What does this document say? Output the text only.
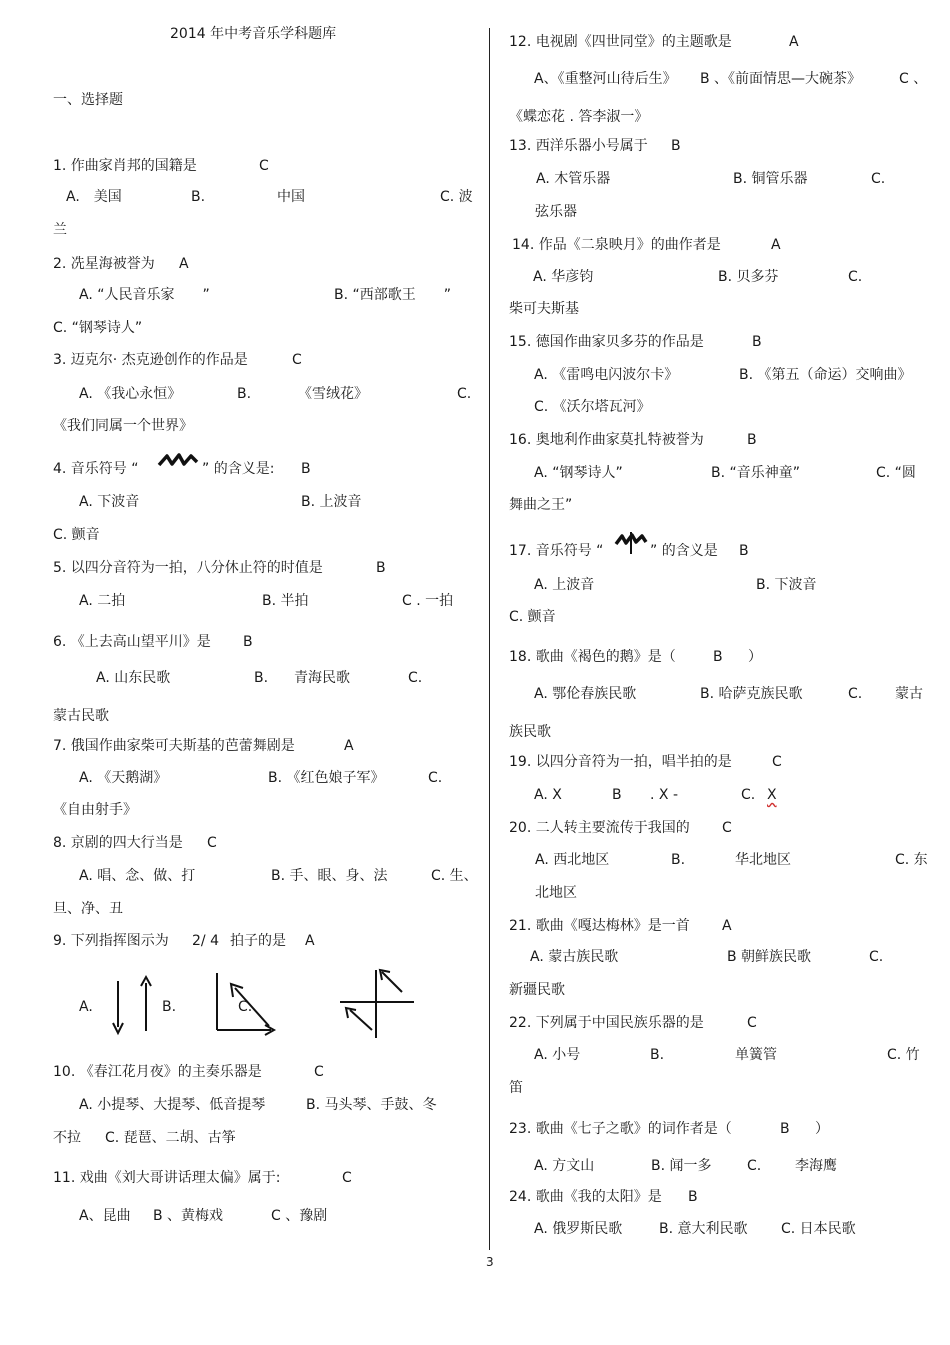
2014 年中考音乐学科题库
一、选择题
1. 作曲家肖邦的国籍是	C
A.　美国	B.	中国	C. 波
兰
2. 冼星海被誉为 A
A. “人民音乐家　　”	B. “西部歌王　　”
C. “钢琴诗人”
3. 迈克尔· 杰克逊创作的作品是	C
A. 《我心永恒》	B.	《雪绒花》	C.
《我们同属一个世界》
4. 音乐符号 “	” 的含义是: B
A. 下波音	B. 上波音
C. 颤音
5. 以四分音符为一拍，八分休止符的时值是	B
A. 二拍	B. 半拍	C . 一拍
6. 《上去高山望平川》是 B
A. 山东民歌	B. 青海民歌	C.
蒙古民歌
7. 俄国作曲家柴可夫斯基的芭蕾舞剧是	A
A. 《天鹅湖》	B. 《红色娘子军》	C.
《自由射手》
8. 京剧的四大行当是 C
A. 唱、念、做、打	B. 手、眼、身、法	C. 生、
旦、净、丑
9. 下列指挥图示为 2/ 4 拍子的是 A
A.	B.	C.
10. 《春江花月夜》的主奏乐器是	C
A. 小提琴、大提琴、低音提琴	B. 马头琴、手鼓、冬
不拉 C. 琵琶、二胡、古筝
11. 戏曲《刘大哥讲话理太偏》属于:	C
A、昆曲 B 、黄梅戏	C 、豫剧
12. 电视剧《四世同堂》的主题歌是	A
A、《重整河山待后生》 B 、《前面情思—大碗茶》	C 、
《蝶恋花 . 答李淑一》
13. 西洋乐器小号属于 B
A. 木管乐器	B. 铜管乐器	C.
弦乐器
14. 作品《二泉映月》的曲作者是	A
A. 华彦钧	B. 贝多芬	C.
柴可夫斯基
15. 德国作曲家贝多芬的作品是	B
A. 《雷鸣电闪波尔卡》	B. 《第五（命运）交响曲》
C. 《沃尔塔瓦河》
16. 奥地利作曲家莫扎特被誉为	B
A. “钢琴诗人”	B. “音乐神童”	C. “圆
舞曲之王”
17. 音乐符号 “	” 的含义是 B
A. 上波音	B. 下波音
C. 颤音
18. 歌曲《褐色的鹅》是（	B ）
A. 鄂伦春族民歌	B. 哈萨克族民歌	C. 蒙古
族民歌
19. 以四分音符为一拍，唱半拍的是	C
A. X	B . X -	C. X
20. 二人转主要流传于我国的 C
A. 西北地区	B.	华北地区	C. 东
北地区
21. 歌曲《嘎达梅林》是一首 A
A. 蒙古族民歌	B 朝鲜族民歌	C.
新疆民歌
22. 下列属于中国民族乐器的是	C
A. 小号	B.	单簧管	C. 竹
笛
23. 歌曲《七子之歌》的词作者是（	B ）
A. 方文山	B. 闻一多	C. 李海鹰
24. 歌曲《我的太阳》是 B
A. 俄罗斯民歌	B. 意大利民歌 C. 日本民歌
3
